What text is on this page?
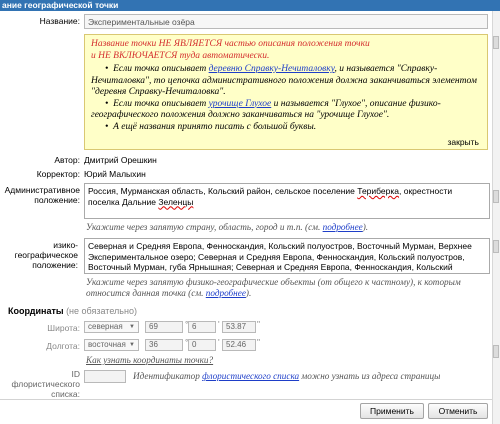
ание географической точки
Название: Экспериментальные озёра
Название точки НЕ ЯВЛЯЕТСЯ частью описания положения точки
и НЕ ВКЛЮЧАЕТСЯ туда автоматически.
•  Если точка описывает деревню Справку-Нечиталовку, и называется "Справку-Нечиталовка", то цепочка административного положения должна заканчиваться элементом "деревня Справку-Нечиталовка".
•  Если точка описывает урочище Глухое и называется "Глухое", описание физико-географического положения должно заканчиваться на "урочище Глухое".
•  А ещё названия принято писать с большой буквы.
закрыть
Автор: Дмитрий Орешкин
Корректор: Юрий Малыхин
Административное
положение:
Россия, Мурманская область, Кольский район, сельское поселение Териберка, окрестности поселка Дальние Зеленцы
Укажите через запятую страну, область, город и т.п. (см. подробнее).
изико-географическое
положение:
Северная и Средняя Европа, Фенноскандия, Кольский полуостров, Восточный Мурман, Верхнее Экспериментальное озеро; Северная и Средняя Европа, Фенноскандия, Кольский полуостров, Восточный Мурман, губа Ярнышная; Северная и Средняя Европа, Фенноскандия, Кольский
Укажите через запятую физико-географические объекты (от общего к частному), к которым относится данная точка (см. подробнее).
Координаты (не обязательно)
Широта:	северная ▼	69	° 6	' 53.87	"
Долгота:	восточная ▼	36	° 0	' 52.46	"
Как узнать координаты точки?
ID флористического
списка:
Идентификатор флористического списка можно узнать из адреса страницы
Применить	Отменить
